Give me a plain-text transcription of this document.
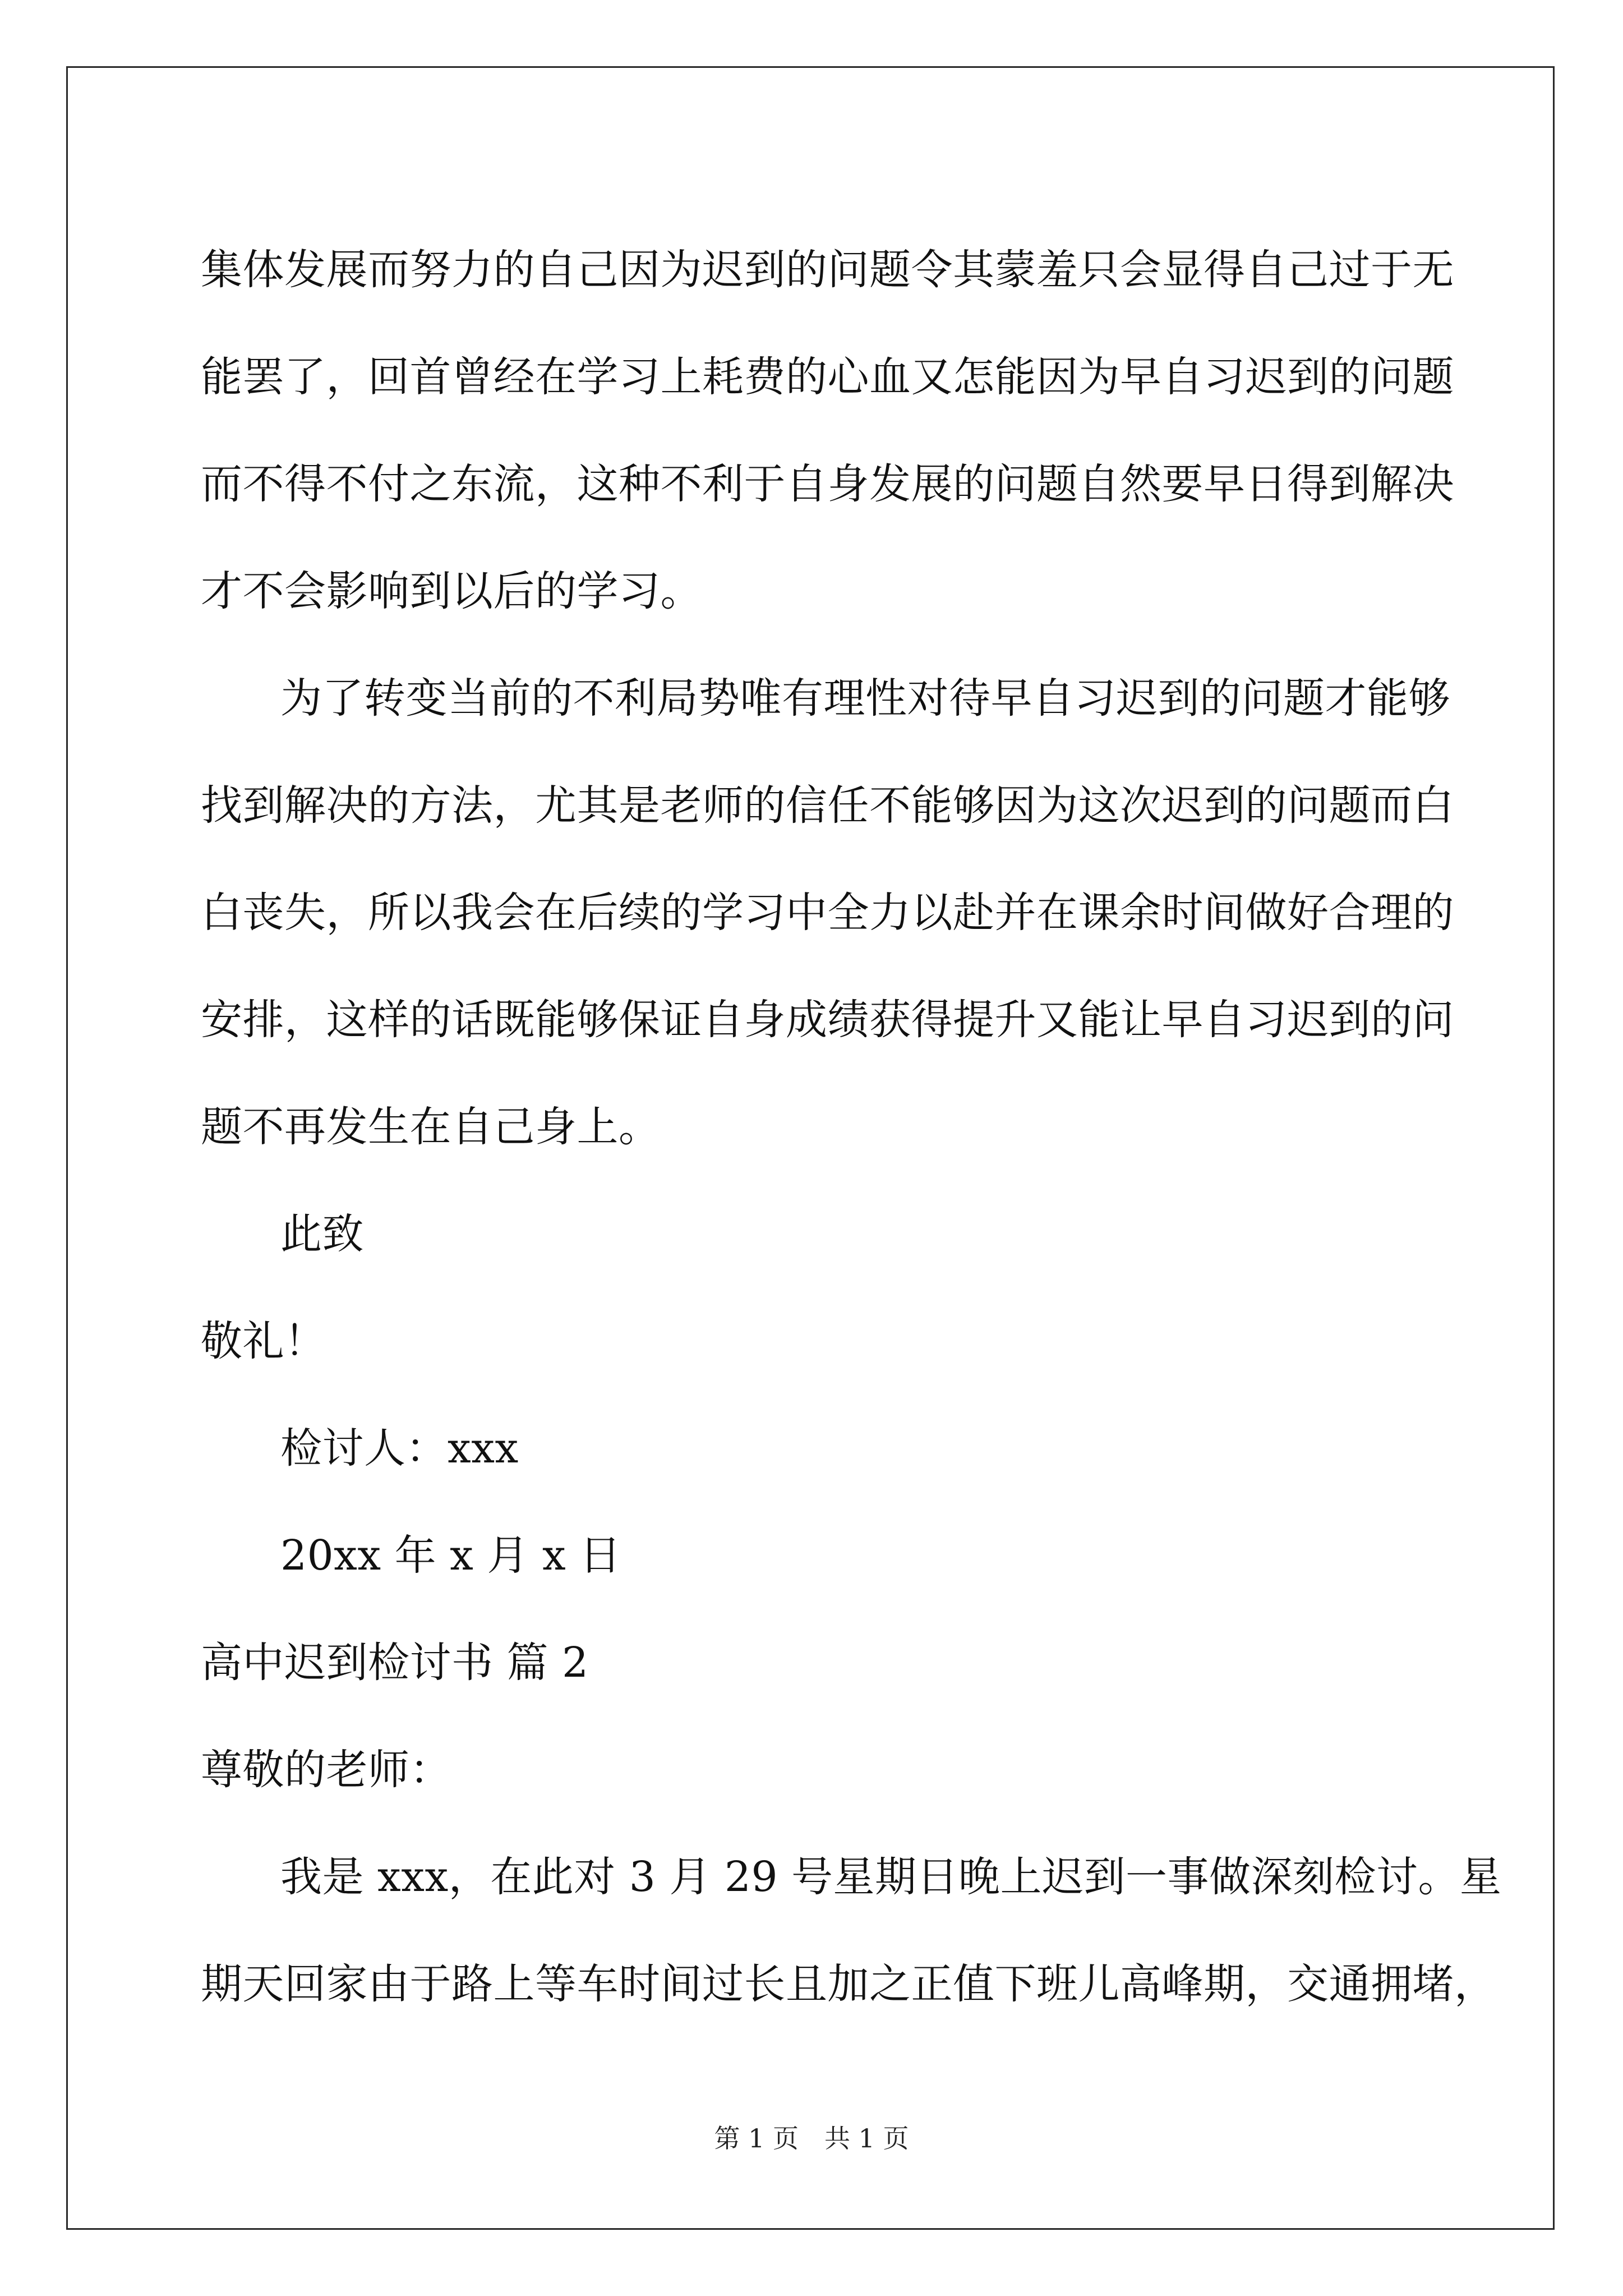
集体发展而努力的自己因为迟到的问题令其蒙羞只会显得自己过于无
能罢了，回首曾经在学习上耗费的心血又怎能因为早自习迟到的问题
而不得不付之东流，这种不利于自身发展的问题自然要早日得到解决
才不会影响到以后的学习。
为了转变当前的不利局势唯有理性对待早自习迟到的问题才能够
找到解决的方法，尤其是老师的信任不能够因为这次迟到的问题而白
白丧失，所以我会在后续的学习中全力以赴并在课余时间做好合理的
安排，这样的话既能够保证自身成绩获得提升又能让早自习迟到的问
题不再发生在自己身上。
此致
敬礼！
检讨人：xxx
20xx 年 x 月 x 日
高中迟到检讨书 篇 2
尊敬的老师：
我是 xxx，在此对 3 月 29 号星期日晚上迟到一事做深刻检讨。星
期天回家由于路上等车时间过长且加之正值下班儿高峰期，交通拥堵，
第 1 页　共 1 页
